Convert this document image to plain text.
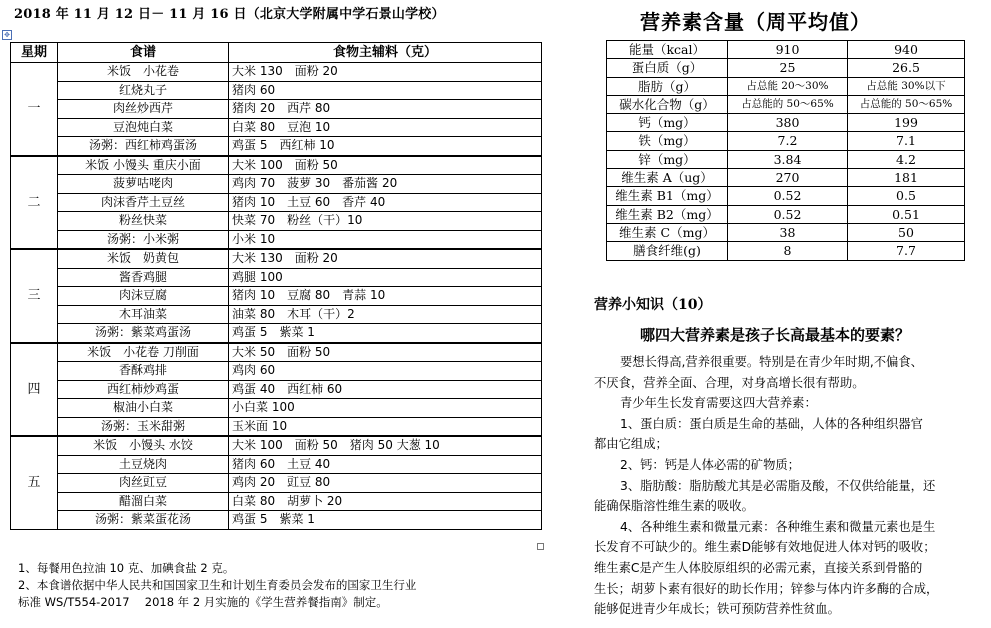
2018 年 11 月 12 日－ 11 月 16 日（北京大学附属中学石景山学校）
✥
星期	食谱	食物主辅料（克）
一	米饭　小花卷	大米 130　面粉 20
	红烧丸子	猪肉 60
	肉丝炒西芹	猪肉 20　西芹 80
	豆泡炖白菜	白菜 80　豆泡 10
	汤粥：西红柿鸡蛋汤	鸡蛋 5　西红柿 10
二	米饭 小馒头 重庆小面	大米 100　面粉 50
	菠萝咕咾肉	鸡肉 70　菠萝 30　番茄酱 20
	肉沫香芹土豆丝	猪肉 10　土豆 60　香芹 40
	粉丝快菜	快菜 70　粉丝（干）10
	汤粥：小米粥	小米 10
三	米饭　奶黄包	大米 130　面粉 20
	酱香鸡腿	鸡腿 100
	肉沫豆腐	猪肉 10　豆腐 80　青蒜 10
	木耳油菜	油菜 80　木耳（干）2
	汤粥：紫菜鸡蛋汤	鸡蛋 5　紫菜 1
四	米饭　小花卷 刀削面	大米 50　面粉 50
	香酥鸡排	鸡肉 60
	西红柿炒鸡蛋	鸡蛋 40　西红柿 60
	椒油小白菜	小白菜 100
	汤粥：玉米甜粥	玉米面 10
五	米饭　小馒头 水饺	大米 100　面粉 50　猪肉 50 大葱 10
	土豆烧肉	猪肉 60　土豆 40
	肉丝豇豆	鸡肉 20　豇豆 80
	醋溜白菜	白菜 80　胡萝卜 20
	汤粥：紫菜蛋花汤	鸡蛋 5　紫菜 1
1、每餐用色拉油 10 克、加碘食盐 2 克。
2、本食谱依据中华人民共和国国家卫生和计划生育委员会发布的国家卫生行业
标准 WS/T554-2017　 2018 年 2 月实施的《学生营养餐指南》制定。
营养素含量（周平均值）
能量（kcal）	910	940
蛋白质（g）	25	26.5
脂肪（g）	占总能 20～30%	占总能 30%以下
碳水化合物（g）	占总能的 50～65%	占总能的 50～65%
钙（mg）	380	199
铁（mg）	7.2	7.1
锌（mg）	3.84	4.2
维生素 A（ug）	270	181
维生素 B1（mg）	0.52	0.5
维生素 B2（mg）	0.52	0.51
维生素 C（mg）	38	50
膳食纤维(g)	8	7.7
营养小知识（10）
哪四大营养素是孩子长高最基本的要素？
要想长得高,营养很重要。特别是在青少年时期,不偏食、
不厌食，营养全面、合理，对身高增长很有帮助。
青少年生长发育需要这四大营养素：
1、蛋白质：蛋白质是生命的基础，人体的各种组织器官
都由它组成；
2、钙：钙是人体必需的矿物质；
3、脂肪酸：脂肪酸尤其是必需脂及酸，不仅供给能量，还
能确保脂溶性维生素的吸收。
4、各种维生素和微量元素：各种维生素和微量元素也是生
长发育不可缺少的。维生素D能够有效地促进人体对钙的吸收；
维生素C是产生人体胶原组织的必需元素，直接关系到骨骼的
生长；胡萝卜素有很好的助长作用；锌参与体内许多酶的合成，
能够促进青少年成长；铁可预防营养性贫血。
